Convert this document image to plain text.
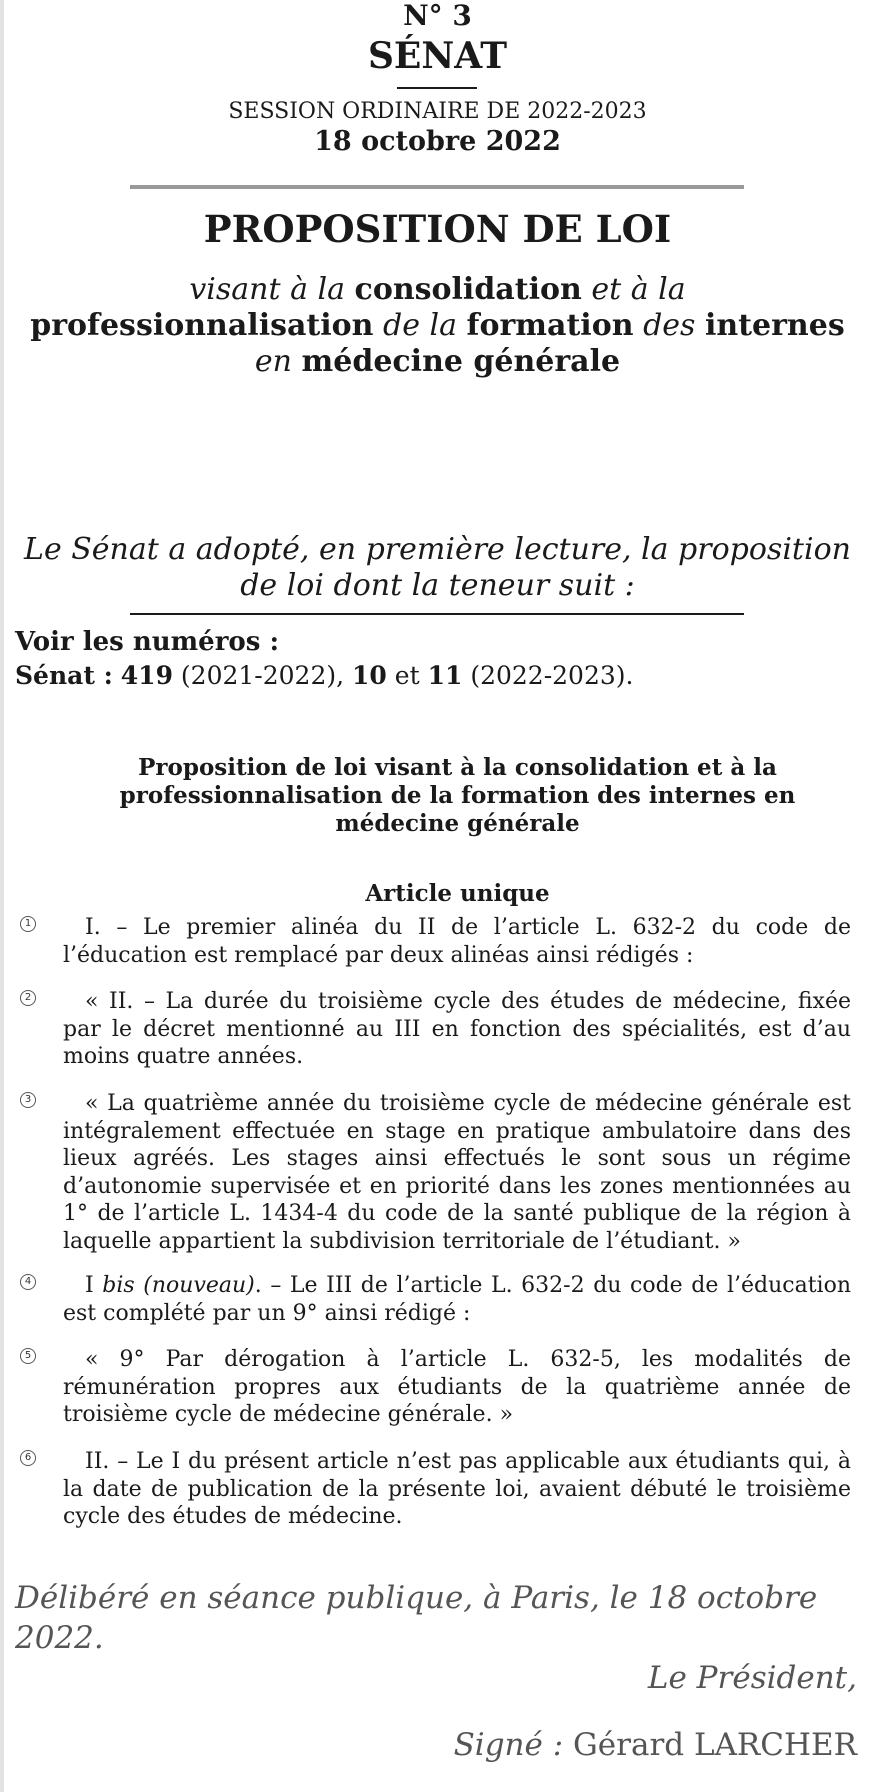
N° 3
SÉNAT
SESSION ORDINAIRE DE 2022-2023
18 octobre 2022
PROPOSITION DE LOI
visant à la consolidation et à la professionnalisation de la formation des internes en médecine générale
Le Sénat a adopté, en première lecture, la proposition de loi dont la teneur suit :
Voir les numéros :
Sénat : 419 (2021-2022), 10 et 11 (2022-2023).
Proposition de loi visant à la consolidation et à la professionnalisation de la formation des internes en médecine générale
Article unique
1	I. – Le premier alinéa du II de l’article L. 632-2 du code de l’éducation est remplacé par deux alinéas ainsi rédigés :
2	« II. – La durée du troisième cycle des études de médecine, fixée par le décret mentionné au III en fonction des spécialités, est d’au moins quatre années.
3	« La quatrième année du troisième cycle de médecine générale est intégralement effectuée en stage en pratique ambulatoire dans des lieux agréés. Les stages ainsi effectués le sont sous un régime d’autonomie supervisée et en priorité dans les zones mentionnées au 1° de l’article L. 1434-4 du code de la santé publique de la région à laquelle appartient la subdivision territoriale de l’étudiant. »
4	I bis (nouveau). – Le III de l’article L. 632-2 du code de l’éducation est complété par un 9° ainsi rédigé :
5	« 9° Par dérogation à l’article L. 632-5, les modalités de rémunération propres aux étudiants de la quatrième année de troisième cycle de médecine générale. »
6	II. – Le I du présent article n’est pas applicable aux étudiants qui, à la date de publication de la présente loi, avaient débuté le troisième cycle des études de médecine.
Délibéré en séance publique, à Paris, le 18 octobre 2022.
Le Président,
Signé : Gérard LARCHER
